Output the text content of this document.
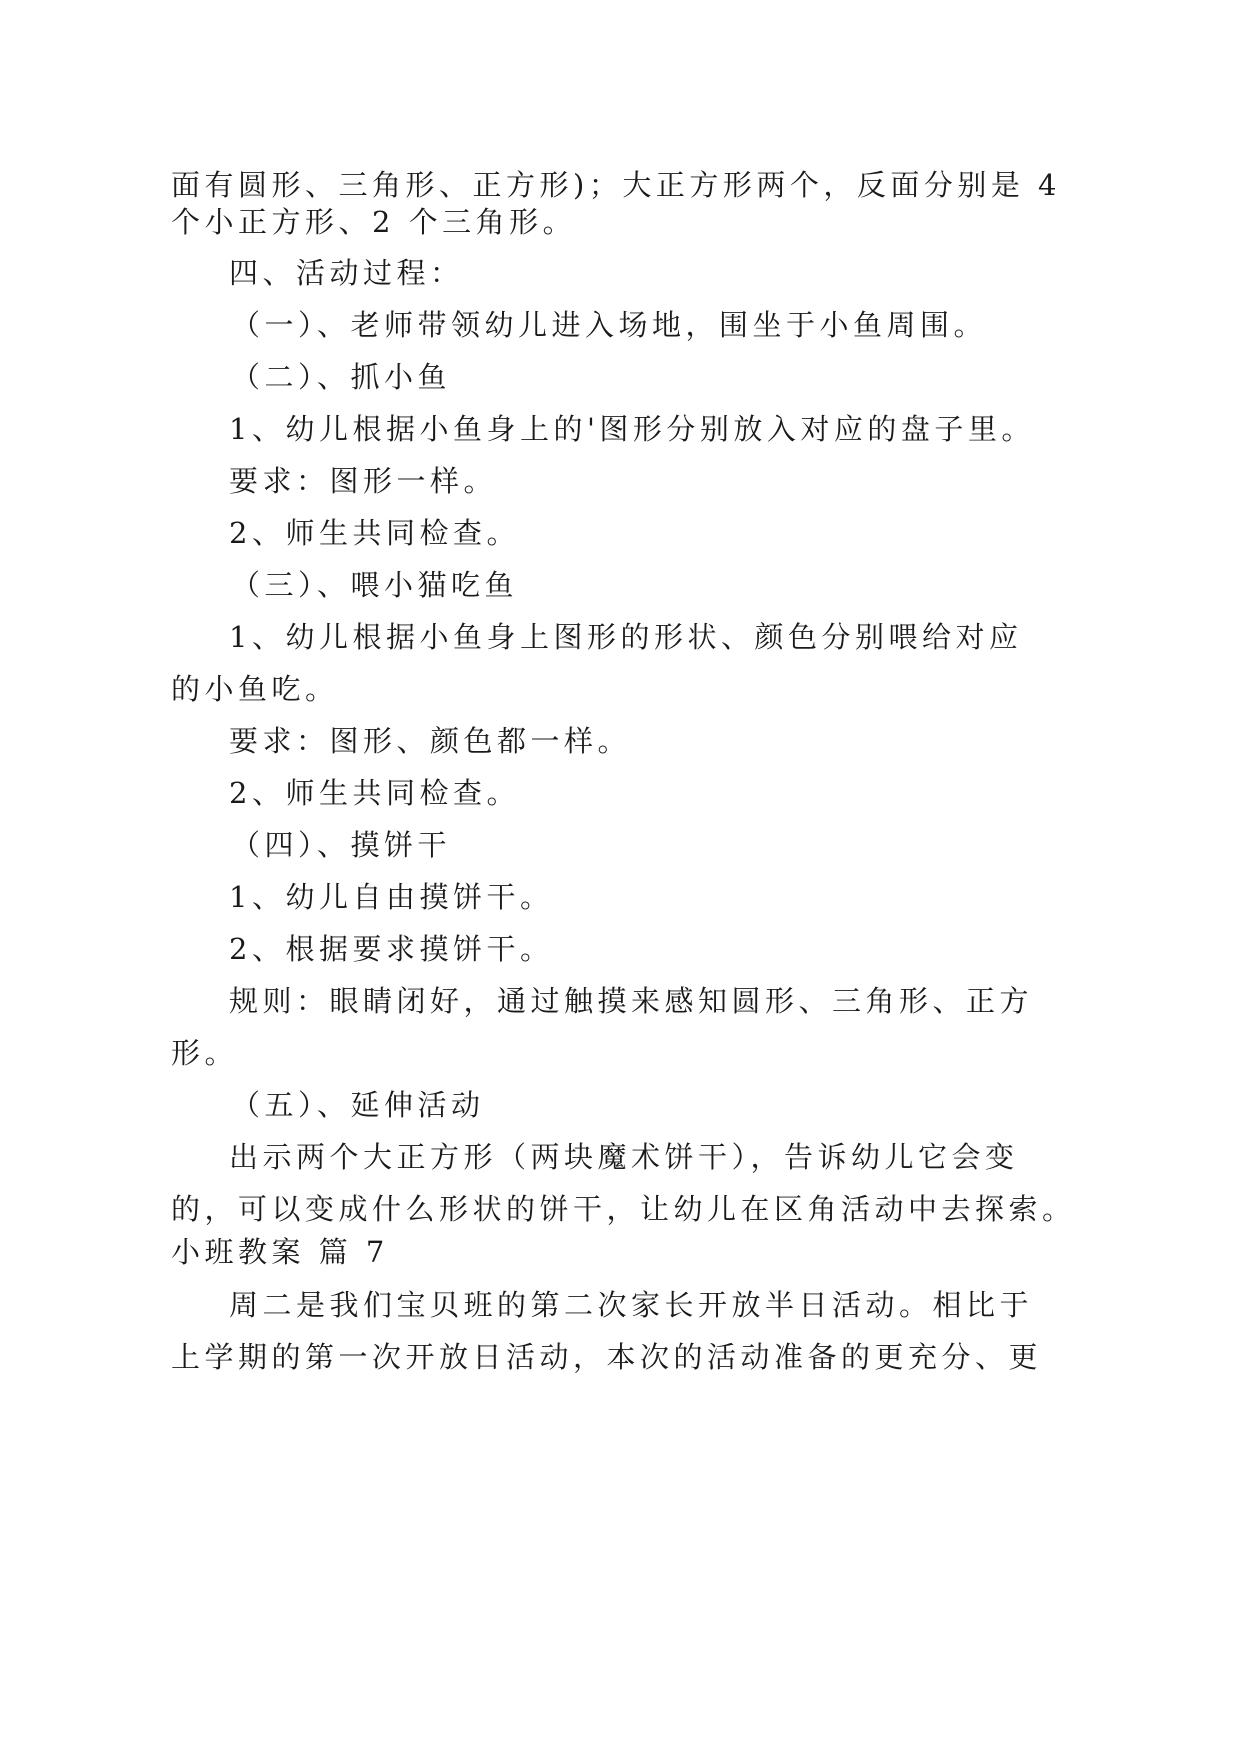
面有圆形、三角形、正方形)；大正方形两个，反面分别是 4
个小正方形、2 个三角形。
四、活动过程：
（一）、老师带领幼儿进入场地，围坐于小鱼周围。
（二）、抓小鱼
1、幼儿根据小鱼身上的'图形分别放入对应的盘子里。
要求：图形一样。
2、师生共同检查。
（三）、喂小猫吃鱼
1、幼儿根据小鱼身上图形的形状、颜色分别喂给对应
的小鱼吃。
要求：图形、颜色都一样。
2、师生共同检查。
（四）、摸饼干
1、幼儿自由摸饼干。
2、根据要求摸饼干。
规则：眼睛闭好，通过触摸来感知圆形、三角形、正方
形。
（五）、延伸活动
出示两个大正方形（两块魔术饼干），告诉幼儿它会变
的，可以变成什么形状的饼干，让幼儿在区角活动中去探索。
小班教案 篇 7
周二是我们宝贝班的第二次家长开放半日活动。相比于
上学期的第一次开放日活动，本次的活动准备的更充分、更
